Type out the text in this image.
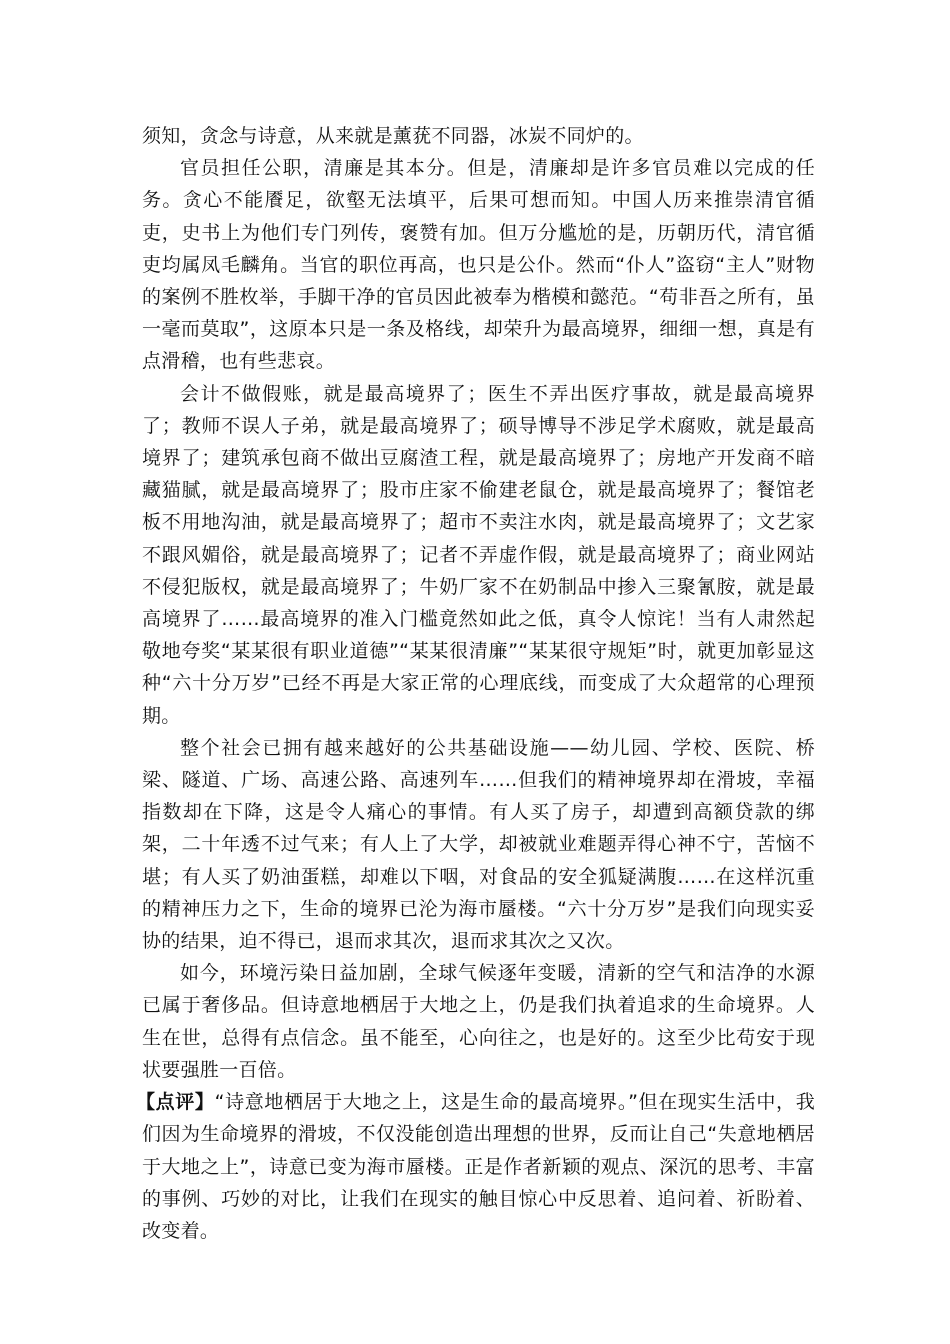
须知，贪念与诗意，从来就是薰莸不同器，冰炭不同炉的。

官员担任公职，清廉是其本分。但是，清廉却是许多官员难以完成的任务。贪心不能餍足，欲壑无法填平，后果可想而知。中国人历来推崇清官循吏，史书上为他们专门列传，褒赞有加。但万分尴尬的是，历朝历代，清官循吏均属凤毛麟角。当官的职位再高，也只是公仆。然而“仆人”盗窃“主人”财物的案例不胜枚举，手脚干净的官员因此被奉为楷模和懿范。“苟非吾之所有，虽一毫而莫取”，这原本只是一条及格线，却荣升为最高境界，细细一想，真是有点滑稽，也有些悲哀。

会计不做假账，就是最高境界了；医生不弄出医疗事故，就是最高境界了；教师不误人子弟，就是最高境界了；硕导博导不涉足学术腐败，就是最高境界了；建筑承包商不做出豆腐渣工程，就是最高境界了；房地产开发商不暗藏猫腻，就是最高境界了；股市庄家不偷建老鼠仓，就是最高境界了；餐馆老板不用地沟油，就是最高境界了；超市不卖注水肉，就是最高境界了；文艺家不跟风媚俗，就是最高境界了；记者不弄虚作假，就是最高境界了；商业网站不侵犯版权，就是最高境界了；牛奶厂家不在奶制品中掺入三聚氰胺，就是最高境界了……最高境界的准入门槛竟然如此之低，真令人惊诧！当有人肃然起敬地夸奖“某某很有职业道德”“某某很清廉”“某某很守规矩”时，就更加彰显这种“六十分万岁”已经不再是大家正常的心理底线，而变成了大众超常的心理预期。

整个社会已拥有越来越好的公共基础设施——幼儿园、学校、医院、桥梁、隧道、广场、高速公路、高速列车……但我们的精神境界却在滑坡，幸福指数却在下降，这是令人痛心的事情。有人买了房子，却遭到高额贷款的绑架，二十年透不过气来；有人上了大学，却被就业难题弄得心神不宁，苦恼不堪；有人买了奶油蛋糕，却难以下咽，对食品的安全狐疑满腹……在这样沉重的精神压力之下，生命的境界已沦为海市蜃楼。“六十分万岁”是我们向现实妥协的结果，迫不得已，退而求其次，退而求其次之又次。

如今，环境污染日益加剧，全球气候逐年变暖，清新的空气和洁净的水源已属于奢侈品。但诗意地栖居于大地之上，仍是我们执着追求的生命境界。人生在世，总得有点信念。虽不能至，心向往之，也是好的。这至少比苟安于现状要强胜一百倍。

【点评】“诗意地栖居于大地之上，这是生命的最高境界。”但在现实生活中，我们因为生命境界的滑坡，不仅没能创造出理想的世界，反而让自己“失意地栖居于大地之上”，诗意已变为海市蜃楼。正是作者新颖的观点、深沉的思考、丰富的事例、巧妙的对比，让我们在现实的触目惊心中反思着、追问着、祈盼着、改变着。
